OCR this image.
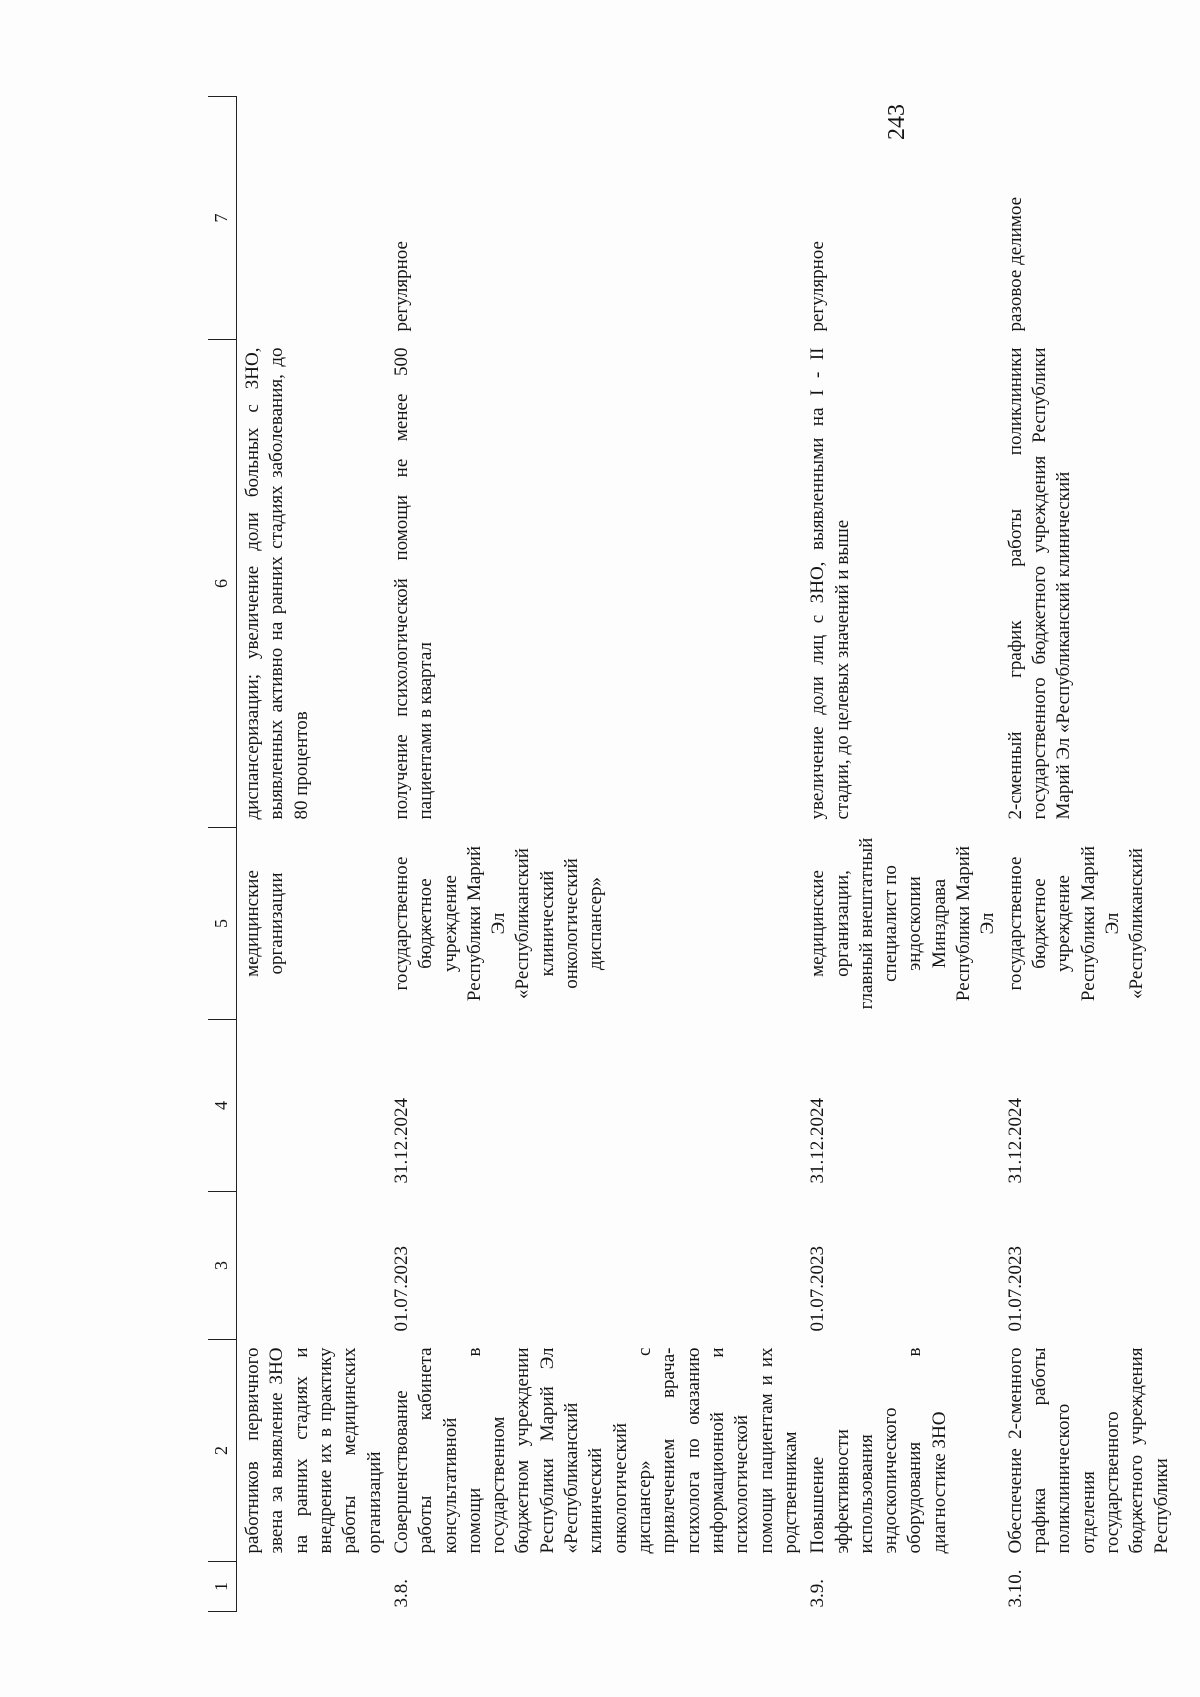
243
1	2	3	4	5	6	7
	работников первичного звена за выявление ЗНО на ранних стадиях и внедрение их в практику работы медицинских организаций			медицинские организации	диспансеризации; увеличение доли больных с ЗНО, выявленных активно на ранних стадиях заболевания, до 80 процентов	
3.8.	Совершенствование работы кабинета консультативной помощи в государственном бюджетном учреждении Республики Марий Эл «Республиканский клинический онкологический диспансер» с привлечением врача-психолога по оказанию информационной и психологической помощи пациентам и их родственникам	01.07.2023	31.12.2024	государственное бюджетное учреждение Республики Марий Эл «Республиканский клинический онкологический диспансер»	получение психологической помощи не менее 500 пациентами в квартал	регулярное
3.9.	Повышение эффективности использования эндоскопического оборудования в диагностике ЗНО	01.07.2023	31.12.2024	медицинские организации, главный внештатный специалист по эндоскопии Минздрава Республики Марий Эл	увеличение доли лиц с ЗНО, выявленными на I - II стадии, до целевых значений и выше	регулярное
3.10.	Обеспечение 2-сменного графика работы поликлинического отделения государственного бюджетного учреждения Республики	01.07.2023	31.12.2024	государственное бюджетное учреждение Республики Марий Эл «Республиканский	2-сменный график работы поликлиники государственного бюджетного учреждения Республики Марий Эл «Республиканский клинический	разовое делимое
